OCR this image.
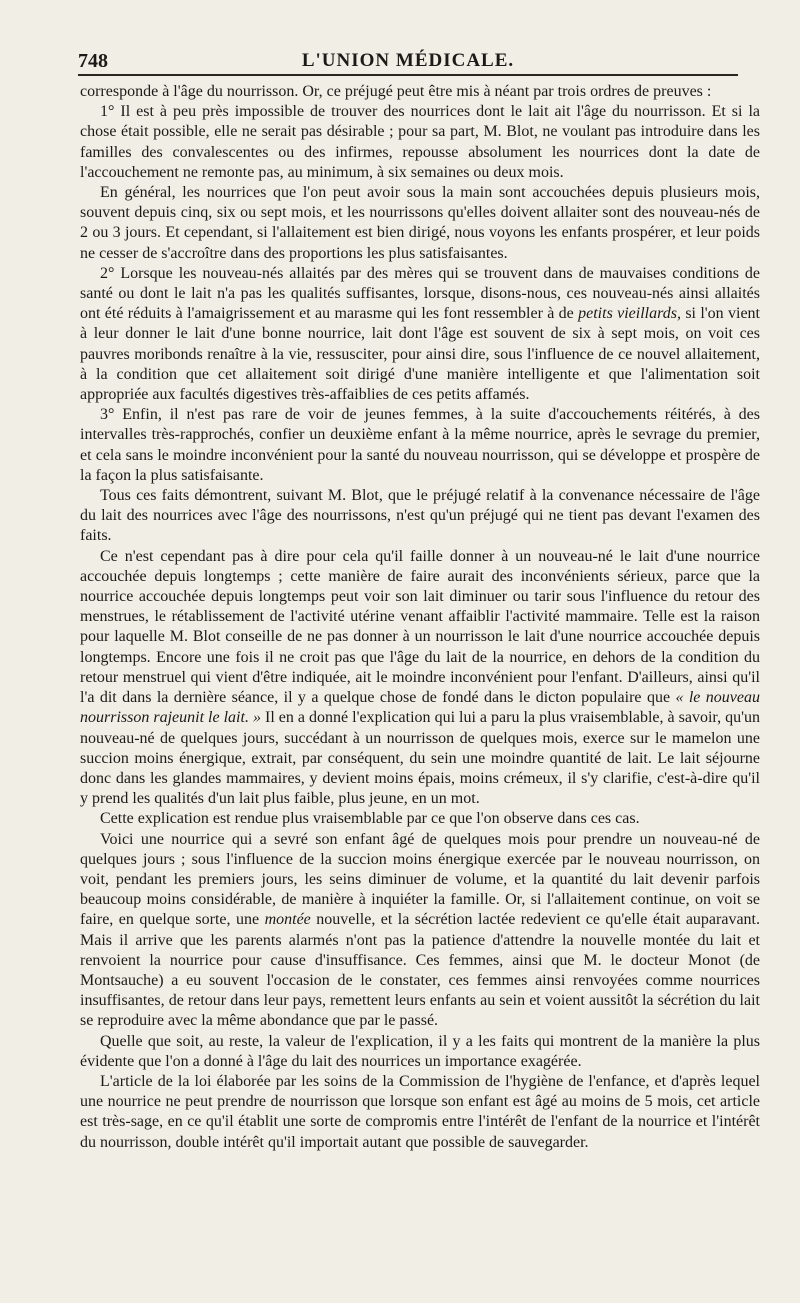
748	L'UNION MÉDICALE.

corresponde à l'âge du nourrisson. Or, ce préjugé peut être mis à néant par trois ordres de preuves :

1° Il est à peu près impossible de trouver des nourrices dont le lait ait l'âge du nourrisson. Et si la chose était possible, elle ne serait pas désirable ; pour sa part, M. Blot, ne voulant pas introduire dans les familles des convalescentes ou des infirmes, repousse absolument les nourrices dont la date de l'accouchement ne remonte pas, au minimum, à six semaines ou deux mois.

En général, les nourrices que l'on peut avoir sous la main sont accouchées depuis plusieurs mois, souvent depuis cinq, six ou sept mois, et les nourrissons qu'elles doivent allaiter sont des nouveau-nés de 2 ou 3 jours. Et cependant, si l'allaitement est bien dirigé, nous voyons les enfants prospérer, et leur poids ne cesser de s'accroître dans des proportions les plus satisfaisantes.

2° Lorsque les nouveau-nés allaités par des mères qui se trouvent dans de mauvaises conditions de santé ou dont le lait n'a pas les qualités suffisantes, lorsque, disons-nous, ces nouveau-nés ainsi allaités ont été réduits à l'amaigrissement et au marasme qui les font ressembler à de petits vieillards, si l'on vient à leur donner le lait d'une bonne nourrice, lait dont l'âge est souvent de six à sept mois, on voit ces pauvres moribonds renaître à la vie, ressusciter, pour ainsi dire, sous l'influence de ce nouvel allaitement, à la condition que cet allaitement soit dirigé d'une manière intelligente et que l'alimentation soit appropriée aux facultés digestives très-affaiblies de ces petits affamés.

3° Enfin, il n'est pas rare de voir de jeunes femmes, à la suite d'accouchements réitérés, à des intervalles très-rapprochés, confier un deuxième enfant à la même nourrice, après le sevrage du premier, et cela sans le moindre inconvénient pour la santé du nouveau nourrisson, qui se développe et prospère de la façon la plus satisfaisante.

Tous ces faits démontrent, suivant M. Blot, que le préjugé relatif à la convenance nécessaire de l'âge du lait des nourrices avec l'âge des nourrissons, n'est qu'un préjugé qui ne tient pas devant l'examen des faits.

Ce n'est cependant pas à dire pour cela qu'il faille donner à un nouveau-né le lait d'une nourrice accouchée depuis longtemps ; cette manière de faire aurait des inconvénients sérieux, parce que la nourrice accouchée depuis longtemps peut voir son lait diminuer ou tarir sous l'influence du retour des menstrues, le rétablissement de l'activité utérine venant affaiblir l'activité mammaire. Telle est la raison pour laquelle M. Blot conseille de ne pas donner à un nourrisson le lait d'une nourrice accouchée depuis longtemps. Encore une fois il ne croit pas que l'âge du lait de la nourrice, en dehors de la condition du retour menstruel qui vient d'être indiquée, ait le moindre inconvénient pour l'enfant. D'ailleurs, ainsi qu'il l'a dit dans la dernière séance, il y a quelque chose de fondé dans le dicton populaire que « le nouveau nourrisson rajeunit le lait. » Il en a donné l'explication qui lui a paru la plus vraisemblable, à savoir, qu'un nouveau-né de quelques jours, succédant à un nourrisson de quelques mois, exerce sur le mamelon une succion moins énergique, extrait, par conséquent, du sein une moindre quantité de lait. Le lait séjourne donc dans les glandes mammaires, y devient moins épais, moins crémeux, il s'y clarifie, c'est-à-dire qu'il y prend les qualités d'un lait plus faible, plus jeune, en un mot.

Cette explication est rendue plus vraisemblable par ce que l'on observe dans ces cas.

Voici une nourrice qui a sevré son enfant âgé de quelques mois pour prendre un nouveau-né de quelques jours ; sous l'influence de la succion moins énergique exercée par le nouveau nourrisson, on voit, pendant les premiers jours, les seins diminuer de volume, et la quantité du lait devenir parfois beaucoup moins considérable, de manière à inquiéter la famille. Or, si l'allaitement continue, on voit se faire, en quelque sorte, une montée nouvelle, et la sécrétion lactée redevient ce qu'elle était auparavant. Mais il arrive que les parents alarmés n'ont pas la patience d'attendre la nouvelle montée du lait et renvoient la nourrice pour cause d'insuffisance. Ces femmes, ainsi que M. le docteur Monot (de Montsauche) a eu souvent l'occasion de le constater, ces femmes ainsi renvoyées comme nourrices insuffisantes, de retour dans leur pays, remettent leurs enfants au sein et voient aussitôt la sécrétion du lait se reproduire avec la même abondance que par le passé.

Quelle que soit, au reste, la valeur de l'explication, il y a les faits qui montrent de la manière la plus évidente que l'on a donné à l'âge du lait des nourrices un importance exagérée.

L'article de la loi élaborée par les soins de la Commission de l'hygiène de l'enfance, et d'après lequel une nourrice ne peut prendre de nourrisson que lorsque son enfant est âgé au moins de 5 mois, cet article est très-sage, en ce qu'il établit une sorte de compromis entre l'intérêt de l'enfant de la nourrice et l'intérêt du nourrisson, double intérêt qu'il importait autant que possible de sauvegarder.
